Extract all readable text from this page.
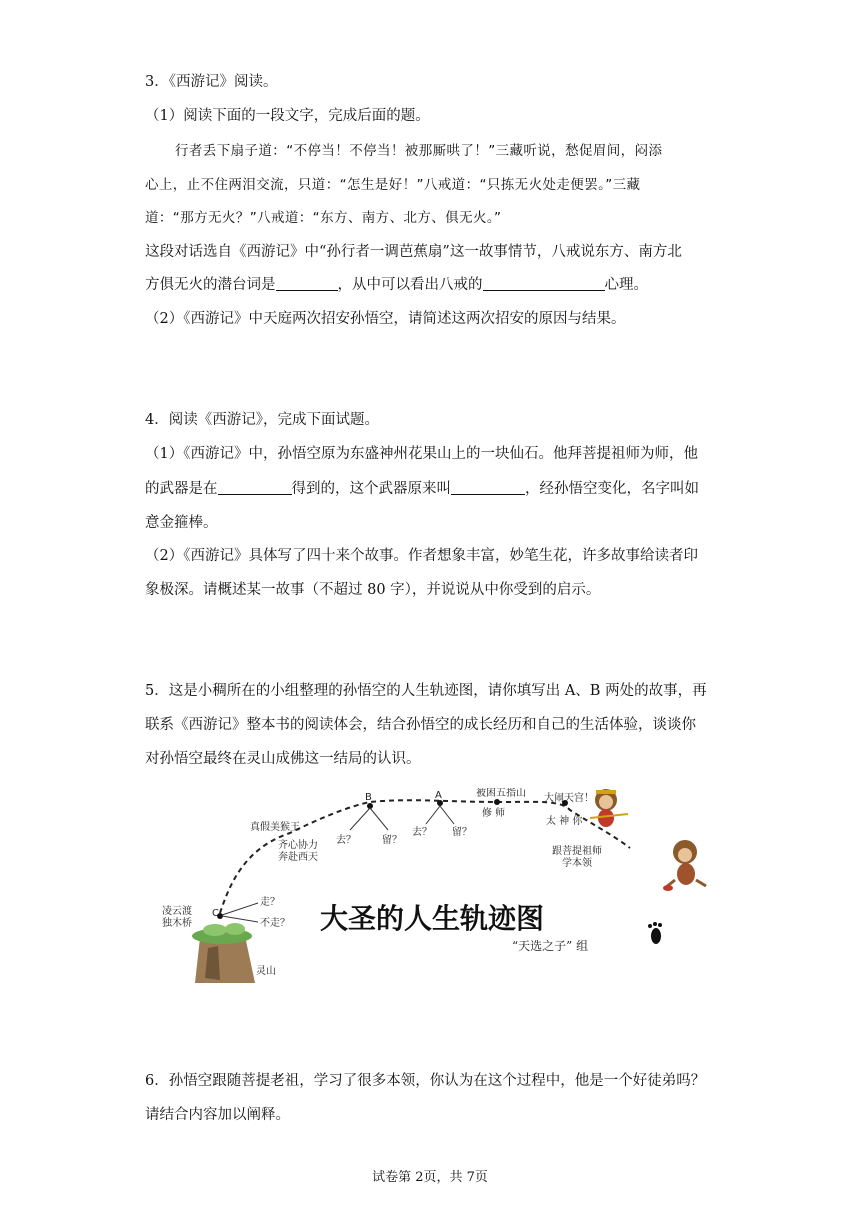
3．《西游记》阅读。
（1）阅读下面的一段文字，完成后面的题。
行者丢下扇子道：“不停当！不停当！被那厮哄了！”三藏听说，愁促眉间，闷添
心上，止不住两泪交流，只道：“怎生是好！”八戒道：“只拣无火处走便罢。”三藏
道：“那方无火？”八戒道：“东方、南方、北方、俱无火。”
这段对话选自《西游记》中“孙行者一调芭蕉扇”这一故事情节，八戒说东方、南方北
方俱无火的潜台词是	，从中可以看出八戒的	心理。
（2）《西游记》中天庭两次招安孙悟空，请简述这两次招安的原因与结果。
4．阅读《西游记》，完成下面试题。
（1）《西游记》中，孙悟空原为东盛神州花果山上的一块仙石。他拜菩提祖师为师，他
的武器是在	得到的，这个武器原来叫	，经孙悟空变化，名字叫如
意金箍棒。
（2）《西游记》具体写了四十来个故事。作者想象丰富，妙笔生花，许多故事给读者印
象极深。请概述某一故事（不超过 80 字），并说说从中你受到的启示。
5．这是小稠所在的小组整理的孙悟空的人生轨迹图，请你填写出 A、B 两处的故事，再
联系《西游记》整本书的阅读体会，结合孙悟空的成长经历和自己的生活体验，谈谈你
对孙悟空最终在灵山成佛这一结局的认识。
B	A
C
被困五指山 大闹天宫！
修 师
太 神 你
跟菩提祖师
学本领
真假美猴王
齐心协力
奔赴西天
去？	留？
去？ 留？
走？
不走？
凌云渡
独木桥
灵山
大圣的人生轨迹图
“天选之子” 组
6．孙悟空跟随菩提老祖，学习了很多本领，你认为在这个过程中，他是一个好徒弟吗？
请结合内容加以阐释。
试卷第 2页，共 7页
